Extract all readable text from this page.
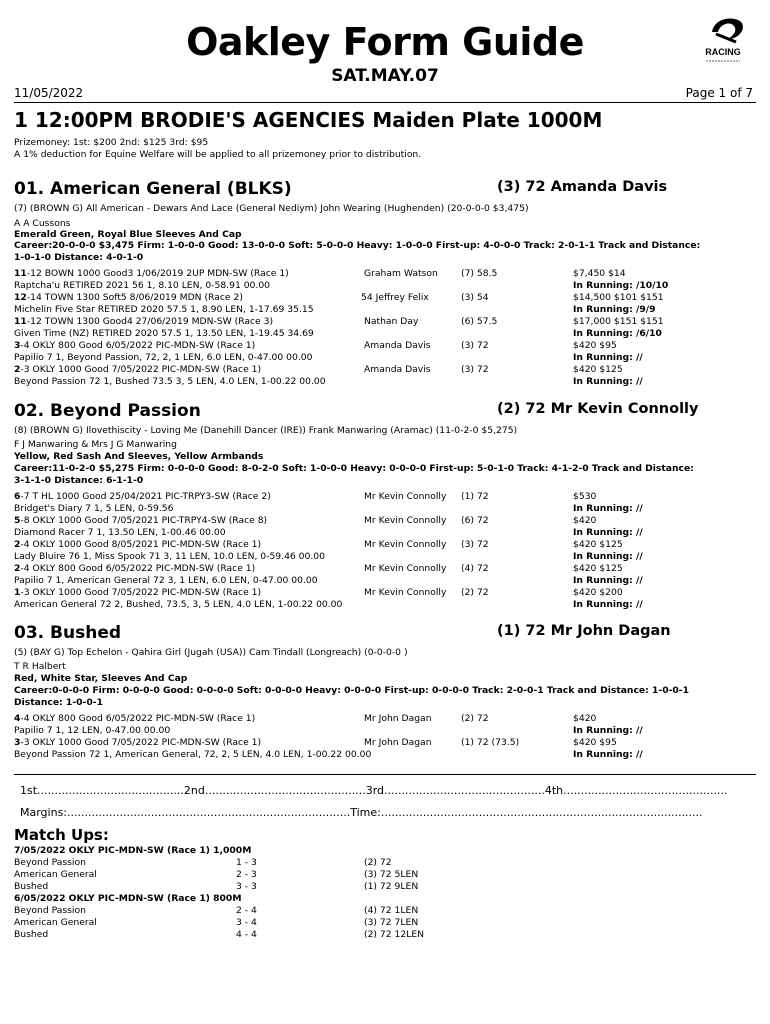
Oakley Form Guide
SAT.MAY.07
RACING
11/05/2022	Page 1 of 7
1 12:00PM BRODIE'S AGENCIES Maiden Plate 1000M
Prizemoney: 1st: $200 2nd: $125 3rd: $95
A 1% deduction for Equine Welfare will be applied to all prizemoney prior to distribution.
01. American General (BLKS)	(3) 72 Amanda Davis
(7) (BROWN G) All American - Dewars And Lace (General Nediym) John Wearing (Hughenden) (20-0-0-0 $3,475)
A A Cussons
Emerald Green, Royal Blue Sleeves And Cap
Career:20-0-0-0 $3,475 Firm: 1-0-0-0 Good: 13-0-0-0 Soft: 5-0-0-0 Heavy: 1-0-0-0 First-up: 4-0-0-0 Track: 2-0-1-1 Track and Distance:
1-0-1-0 Distance: 4-0-1-0
11-12 BOWN 1000 Good3 1/06/2019 2UP MDN-SW (Race 1)
Raptcha'u RETIRED 2021 56 1, 8.10 LEN, 0-58.91 00.00
Graham Watson	(7) 58.5	$7,450 $14
In Running: /10/10
12-14 TOWN 1300 Soft5 8/06/2019 MDN (Race 2)
Michelin Five Star RETIRED 2020 57.5 1, 8.90 LEN, 1-17.69 35.15
54 Jeffrey Felix	(3) 54	$14,500 $101 $151
In Running: /9/9
11-12 TOWN 1300 Good4 27/06/2019 MDN-SW (Race 3)
Given Time (NZ) RETIRED 2020 57.5 1, 13.50 LEN, 1-19.45 34.69
Nathan Day	(6) 57.5	$17,000 $151 $151
In Running: /6/10
3-4 OKLY 800 Good 6/05/2022 PIC-MDN-SW (Race 1)
Papilio 7 1, Beyond Passion, 72, 2, 1 LEN, 6.0 LEN, 0-47.00 00.00
Amanda Davis	(3) 72	$420 $95
In Running: //
2-3 OKLY 1000 Good 7/05/2022 PIC-MDN-SW (Race 1)
Beyond Passion 72 1, Bushed 73.5 3, 5 LEN, 4.0 LEN, 1-00.22 00.00
Amanda Davis	(3) 72	$420 $125
In Running: //
02. Beyond Passion	(2) 72 Mr Kevin Connolly
(8) (BROWN G) Ilovethiscity - Loving Me (Danehill Dancer (IRE)) Frank Manwaring (Aramac) (11-0-2-0 $5,275)
F J Manwaring & Mrs J G Manwaring
Yellow, Red Sash And Sleeves, Yellow Armbands
Career:11-0-2-0 $5,275 Firm: 0-0-0-0 Good: 8-0-2-0 Soft: 1-0-0-0 Heavy: 0-0-0-0 First-up: 5-0-1-0 Track: 4-1-2-0 Track and Distance:
3-1-1-0 Distance: 6-1-1-0
6-7 T HL 1000 Good 25/04/2021 PIC-TRPY3-SW (Race 2)
Bridget's Diary 7 1, 5 LEN, 0-59.56
Mr Kevin Connolly (1) 72	$530
In Running: //
5-8 OKLY 1000 Good 7/05/2021 PIC-TRPY4-SW (Race 8)
Diamond Racer 7 1, 13.50 LEN, 1-00.46 00.00
Mr Kevin Connolly (6) 72	$420
In Running: //
2-4 OKLY 1000 Good 8/05/2021 PIC-MDN-SW (Race 1)
Lady Bluire 76 1, Miss Spook 71 3, 11 LEN, 10.0 LEN, 0-59.46 00.00
Mr Kevin Connolly (3) 72	$420 $125
In Running: //
2-4 OKLY 800 Good 6/05/2022 PIC-MDN-SW (Race 1)
Papilio 7 1, American General 72 3, 1 LEN, 6.0 LEN, 0-47.00 00.00
Mr Kevin Connolly (4) 72	$420 $125
In Running: //
1-3 OKLY 1000 Good 7/05/2022 PIC-MDN-SW (Race 1)
American General 72 2, Bushed, 73.5, 3, 5 LEN, 4.0 LEN, 1-00.22 00.00
Mr Kevin Connolly (2) 72	$420 $200
In Running: //
03. Bushed	(1) 72 Mr John Dagan
(5) (BAY G) Top Echelon - Qahira Girl (Jugah (USA)) Cam Tindall (Longreach) (0-0-0-0 )
T R Halbert
Red, White Star, Sleeves And Cap
Career:0-0-0-0 Firm: 0-0-0-0 Good: 0-0-0-0 Soft: 0-0-0-0 Heavy: 0-0-0-0 First-up: 0-0-0-0 Track: 2-0-0-1 Track and Distance: 1-0-0-1
Distance: 1-0-0-1
4-4 OKLY 800 Good 6/05/2022 PIC-MDN-SW (Race 1)
Papilio 7 1, 12 LEN, 0-47.00 00.00
Mr John Dagan	(2) 72	$420
In Running: //
3-3 OKLY 1000 Good 7/05/2022 PIC-MDN-SW (Race 1)
Beyond Passion 72 1, American General, 72, 2, 5 LEN, 4.0 LEN, 1-00.22 00.00
Mr John Dagan	(1) 72 (73.5)	$420 $95
In Running: //
1st..........................................2nd..............................................3rd..............................................4th...............................................
Margins:.................................................................................Time:............................................................................................
Match Ups:
7/05/2022 OKLY PIC-MDN-SW (Race 1) 1,000M
Beyond Passion	1 - 3	(2) 72
American General	2 - 3	(3) 72 5LEN
Bushed	3 - 3	(1) 72 9LEN
6/05/2022 OKLY PIC-MDN-SW (Race 1) 800M
Beyond Passion	2 - 4	(4) 72 1LEN
American General	3 - 4	(3) 72 7LEN
Bushed	4 - 4	(2) 72 12LEN
